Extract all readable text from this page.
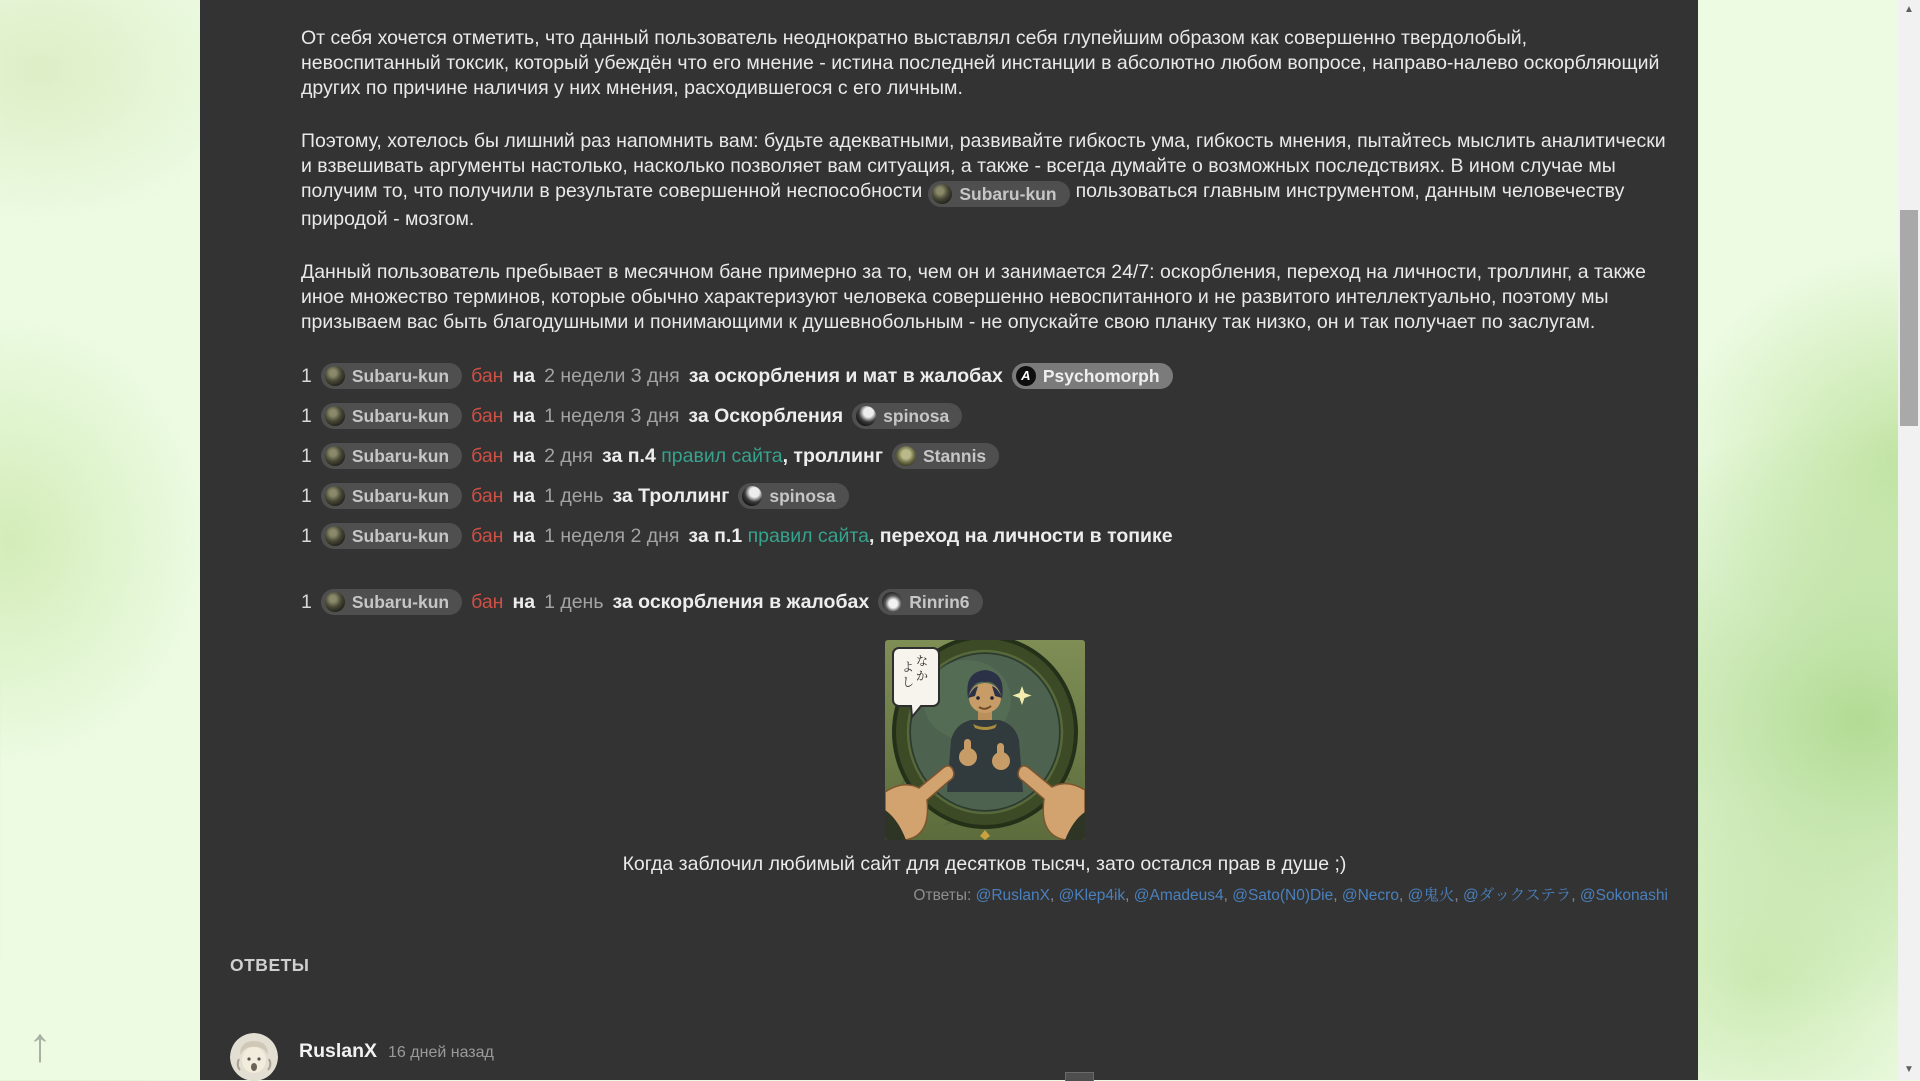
От себя хочется отметить, что данный пользователь неоднократно выставлял себя глупейшим образом как совершенно твердолобый, невоспитанный токсик, который убеждён что его мнение - истина последней инстанции в абсолютно любом вопросе, направо-налево оскорбляющий других по причине наличия у них мнения, расходившегося с его личным.

Поэтому, хотелось бы лишний раз напомнить вам: будьте адекватными, развивайте гибкость ума, гибкость мнения, пытайтесь мыслить аналитически и взвешивать аргументы настолько, насколько позволяет вам ситуация, а также - всегда думайте о возможных последствиях. В ином случае мы получим то, что получили в результате совершенной неспособности Subaru-kun пользоваться главным инструментом, данным человечеству природой - мозгом.

Данный пользователь пребывает в месячном бане примерно за то, чем он и занимается 24/7: оскорбления, переход на личности, троллинг, а также иное множество терминов, которые обычно характеризуют человека совершенно невоспитанного и не развитого интеллектуально, поэтому мы призываем вас быть благодушными и понимающими к душевнобольным - не опускайте свою планку так низко, он и так получает по заслугам.

1 Subaru-kun бан на 2 недели 3 дня за оскорбления и мат в жалобах A Psychomorph
1 Subaru-kun бан на 1 неделя 3 дня за Оскорбления spinosa
1 Subaru-kun бан на 2 дня за п.4 правил сайта, троллинг Stannis
1 Subaru-kun бан на 1 день за Троллинг spinosa
1 Subaru-kun бан на 1 неделя 2 дня за п.1 правил сайта, переход на личности в топике
1 Subaru-kun бан на 1 день за оскорбления в жалобах Rinrin6
な
か
よ
し
Когда заблочил любимый сайт для десятков тысяч, зато остался прав в душе ;)
Ответы: @RuslanX, @Klep4ik, @Amadeus4, @Sato(N0)Die, @Necro, @鬼火, @ダックステラ, @Sokonashi
ОТВЕТЫ
RuslanX 16 дней назад
↑
▲
▼
